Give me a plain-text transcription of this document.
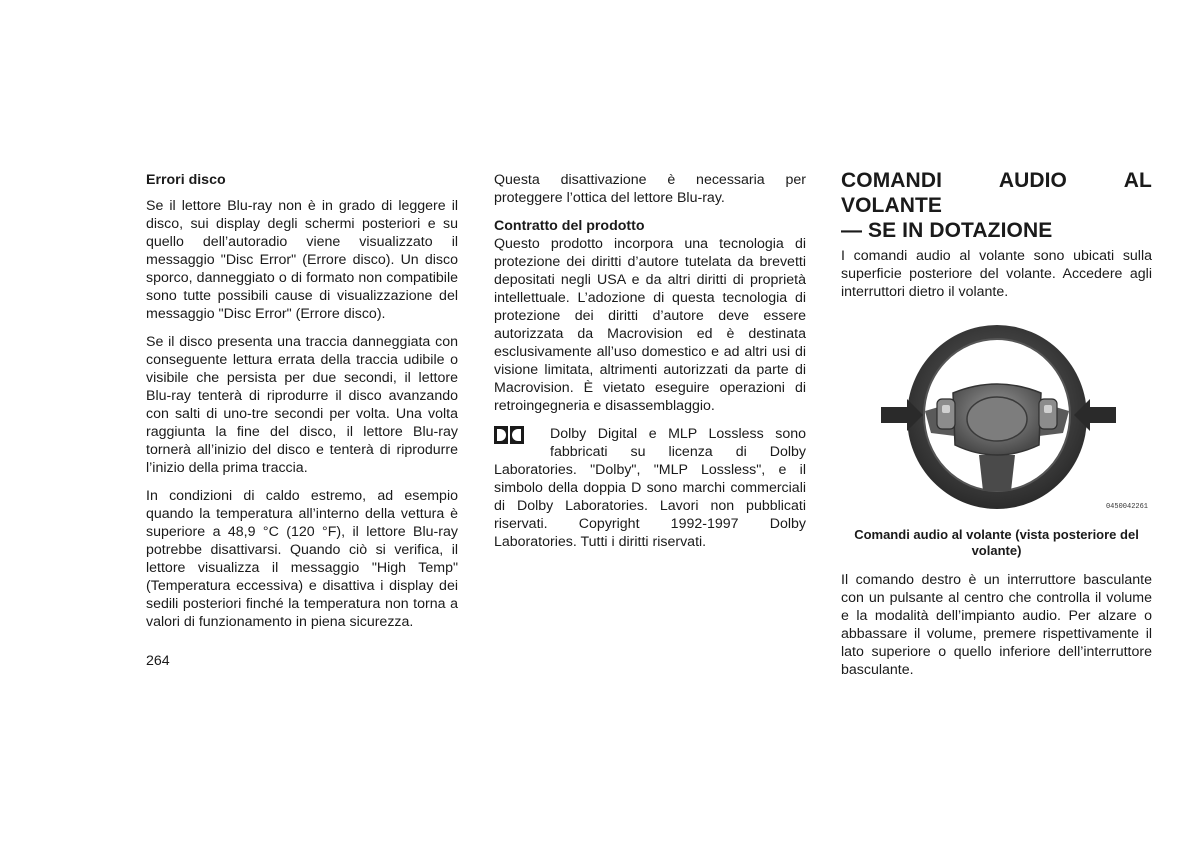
Errori disco

Se il lettore Blu-ray non è in grado di leggere il disco, sui display degli schermi posteriori e su quello dell’autoradio viene visualizzato il messaggio "Disc Error" (Errore disco). Un disco sporco, danneggiato o di formato non compatibile sono tutte possibili cause di visualizzazione del messaggio "Disc Error" (Errore disco).

Se il disco presenta una traccia danneggiata con conseguente lettura errata della traccia udibile o visibile che persista per due secondi, il lettore Blu-ray tenterà di riprodurre il disco avanzando con salti di uno-tre secondi per volta. Una volta raggiunta la fine del disco, il lettore Blu-ray tornerà all’inizio del disco e tenterà di riprodurre l’inizio della prima traccia.

In condizioni di caldo estremo, ad esempio quando la temperatura all’interno della vettura è superiore a 48,9 °C (120 °F), il lettore Blu-ray potrebbe disattivarsi. Quando ciò si verifica, il lettore visualizza il messaggio "High Temp" (Temperatura eccessiva) e disattiva i display dei sedili posteriori finché la temperatura non torna a valori di funzionamento in piena sicurezza.

Questa disattivazione è necessaria per proteggere l’ottica del lettore Blu-ray.

Contratto del prodotto

Questo prodotto incorpora una tecnologia di protezione dei diritti d’autore tutelata da brevetti depositati negli USA e da altri diritti di proprietà intellettuale. L’adozione di questa tecnologia di protezione dei diritti d’autore deve essere autorizzata da Macrovision ed è destinata esclusivamente all’uso domestico e ad altri usi di visione limitata, altrimenti autorizzati da parte di Macrovision. È vietato eseguire operazioni di retroingegneria e disassemblaggio.

Dolby Digital e MLP Lossless sono fabbricati su licenza di Dolby Laboratories. "Dolby", "MLP Lossless", e il simbolo della doppia D sono marchi commerciali di Dolby Laboratories. Lavori non pubblicati riservati. Copyright 1992-1997 Dolby Laboratories. Tutti i diritti riservati.
COMANDI AUDIO AL VOLANTE
— SE IN DOTAZIONE

I comandi audio al volante sono ubicati sulla superficie posteriore del volante. Accedere agli interruttori dietro il volante.

0450042261
Comandi audio al volante (vista posteriore del
volante)

Il comando destro è un interruttore basculante con un pulsante al centro che controlla il volume e la modalità dell’impianto audio. Per alzare o abbassare il volume, premere rispettivamente il lato superiore o quello inferiore dell’interruttore basculante.

264
